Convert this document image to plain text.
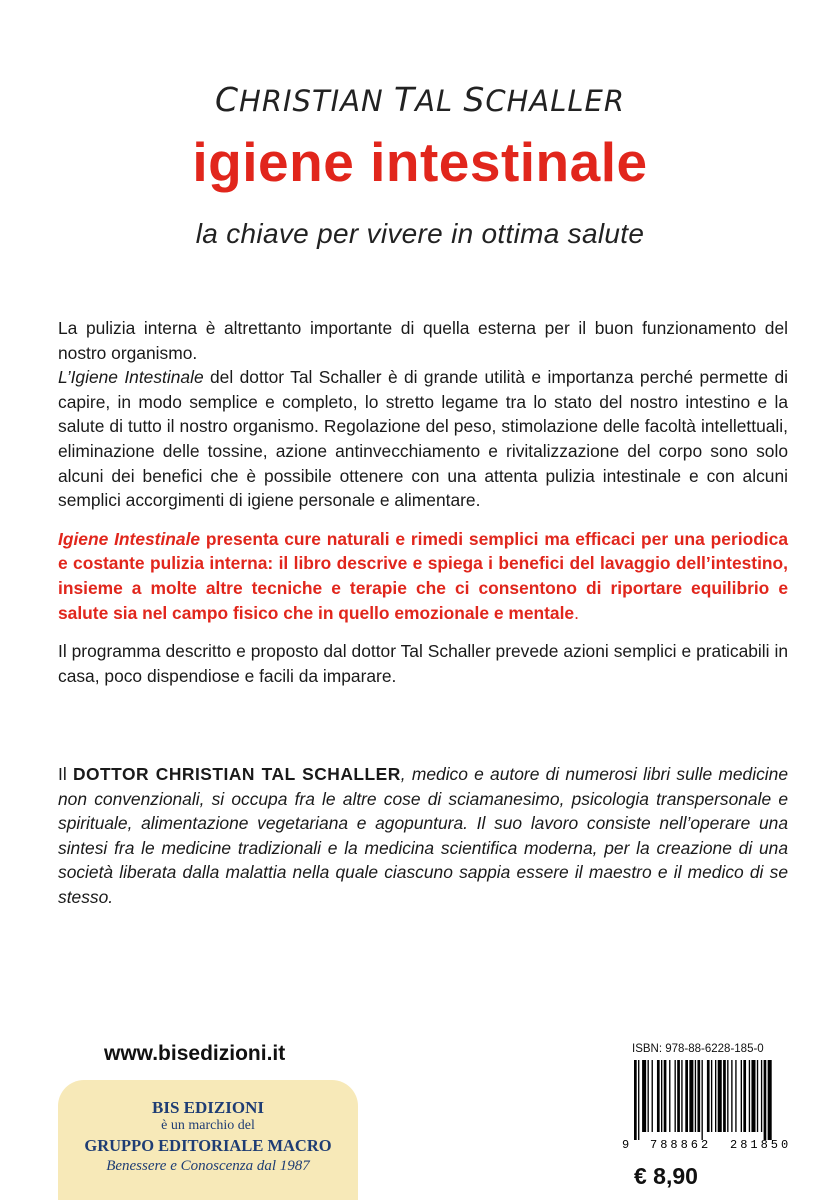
CHRISTIAN TAL SCHALLER
igiene intestinale
la chiave per vivere in ottima salute

La pulizia interna è altrettanto importante di quella esterna per il buon funzionamento del nostro organismo.

L’Igiene Intestinale del dottor Tal Schaller è di grande utilità e importanza perché permette di capire, in modo semplice e completo, lo stretto legame tra lo stato del nostro intestino e la salute di tutto il nostro organismo. Regolazione del peso, stimolazione delle facoltà intellettuali, eliminazione delle tossine, azione antinvecchiamento e rivitalizzazione del corpo sono solo alcuni dei benefici che è possibile ottenere con una attenta pulizia intestinale e con alcuni semplici accorgimenti di igiene personale e alimentare.

Igiene Intestinale presenta cure naturali e rimedi semplici ma efficaci per una periodica e costante pulizia interna: il libro descrive e spiega i benefici del lavaggio dell’intestino, insieme a molte altre tecniche e terapie che ci consentono di riportare equilibrio e salute sia nel campo fisico che in quello emozionale e mentale.

Il programma descritto e proposto dal dottor Tal Schaller prevede azioni semplici e praticabili in casa, poco dispendiose e facili da imparare.

Il DOTTOR CHRISTIAN TAL SCHALLER, medico e autore di numerosi libri sulle medicine non convenzionali, si occupa fra le altre cose di sciamanesimo, psicologia transpersonale e spirituale, alimentazione vegetariana e agopuntura. Il suo lavoro consiste nell’operare una sintesi fra le medicine tradizionali e la medicina scientifica moderna, per la creazione di una società liberata dalla malattia nella quale ciascuno sappia essere il maestro e il medico di se stesso.
www.bisedizioni.it
BIS EDIZIONI
è un marchio del
GRUPPO EDITORIALE MACRO
Benessere e Conoscenza dal 1987
ISBN: 978-88-6228-185-0
9 788862 281850
€ 8,90
